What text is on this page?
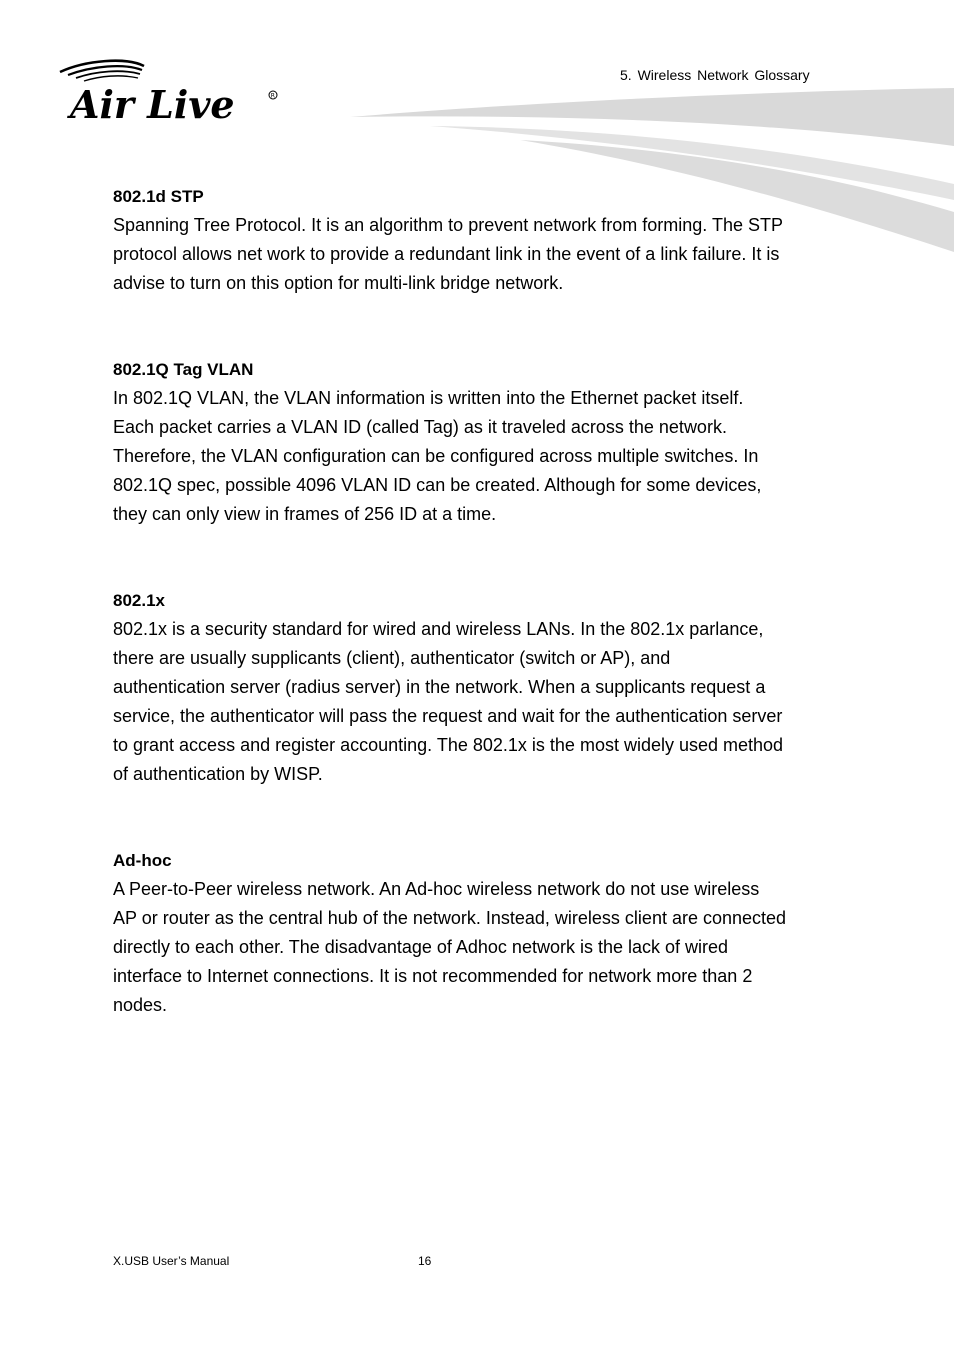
Air Live	R
5. Wireless Network Glossary

802.1d STP

Spanning Tree Protocol. It is an algorithm to prevent network from forming. The STP
protocol allows net work to provide a redundant link in the event of a link failure. It is
advise to turn on this option for multi-link bridge network.

802.1Q Tag VLAN

In 802.1Q VLAN, the VLAN information is written into the Ethernet packet itself.
Each packet carries a VLAN ID (called Tag) as it traveled across the network.
Therefore, the VLAN configuration can be configured across multiple switches. In
802.1Q spec, possible 4096 VLAN ID can be created. Although for some devices,
they can only view in frames of 256 ID at a time.

802.1x

802.1x is a security standard for wired and wireless LANs. In the 802.1x parlance,
there are usually supplicants (client), authenticator (switch or AP), and
authentication server (radius server) in the network. When a supplicants request a
service, the authenticator will pass the request and wait for the authentication server
to grant access and register accounting. The 802.1x is the most widely used method
of authentication by WISP.

Ad-hoc

A Peer-to-Peer wireless network. An Ad-hoc wireless network do not use wireless
AP or router as the central hub of the network. Instead, wireless client are connected
directly to each other. The disadvantage of Adhoc network is the lack of wired
interface to Internet connections. It is not recommended for network more than 2
nodes.

X.USB User’s Manual	16
